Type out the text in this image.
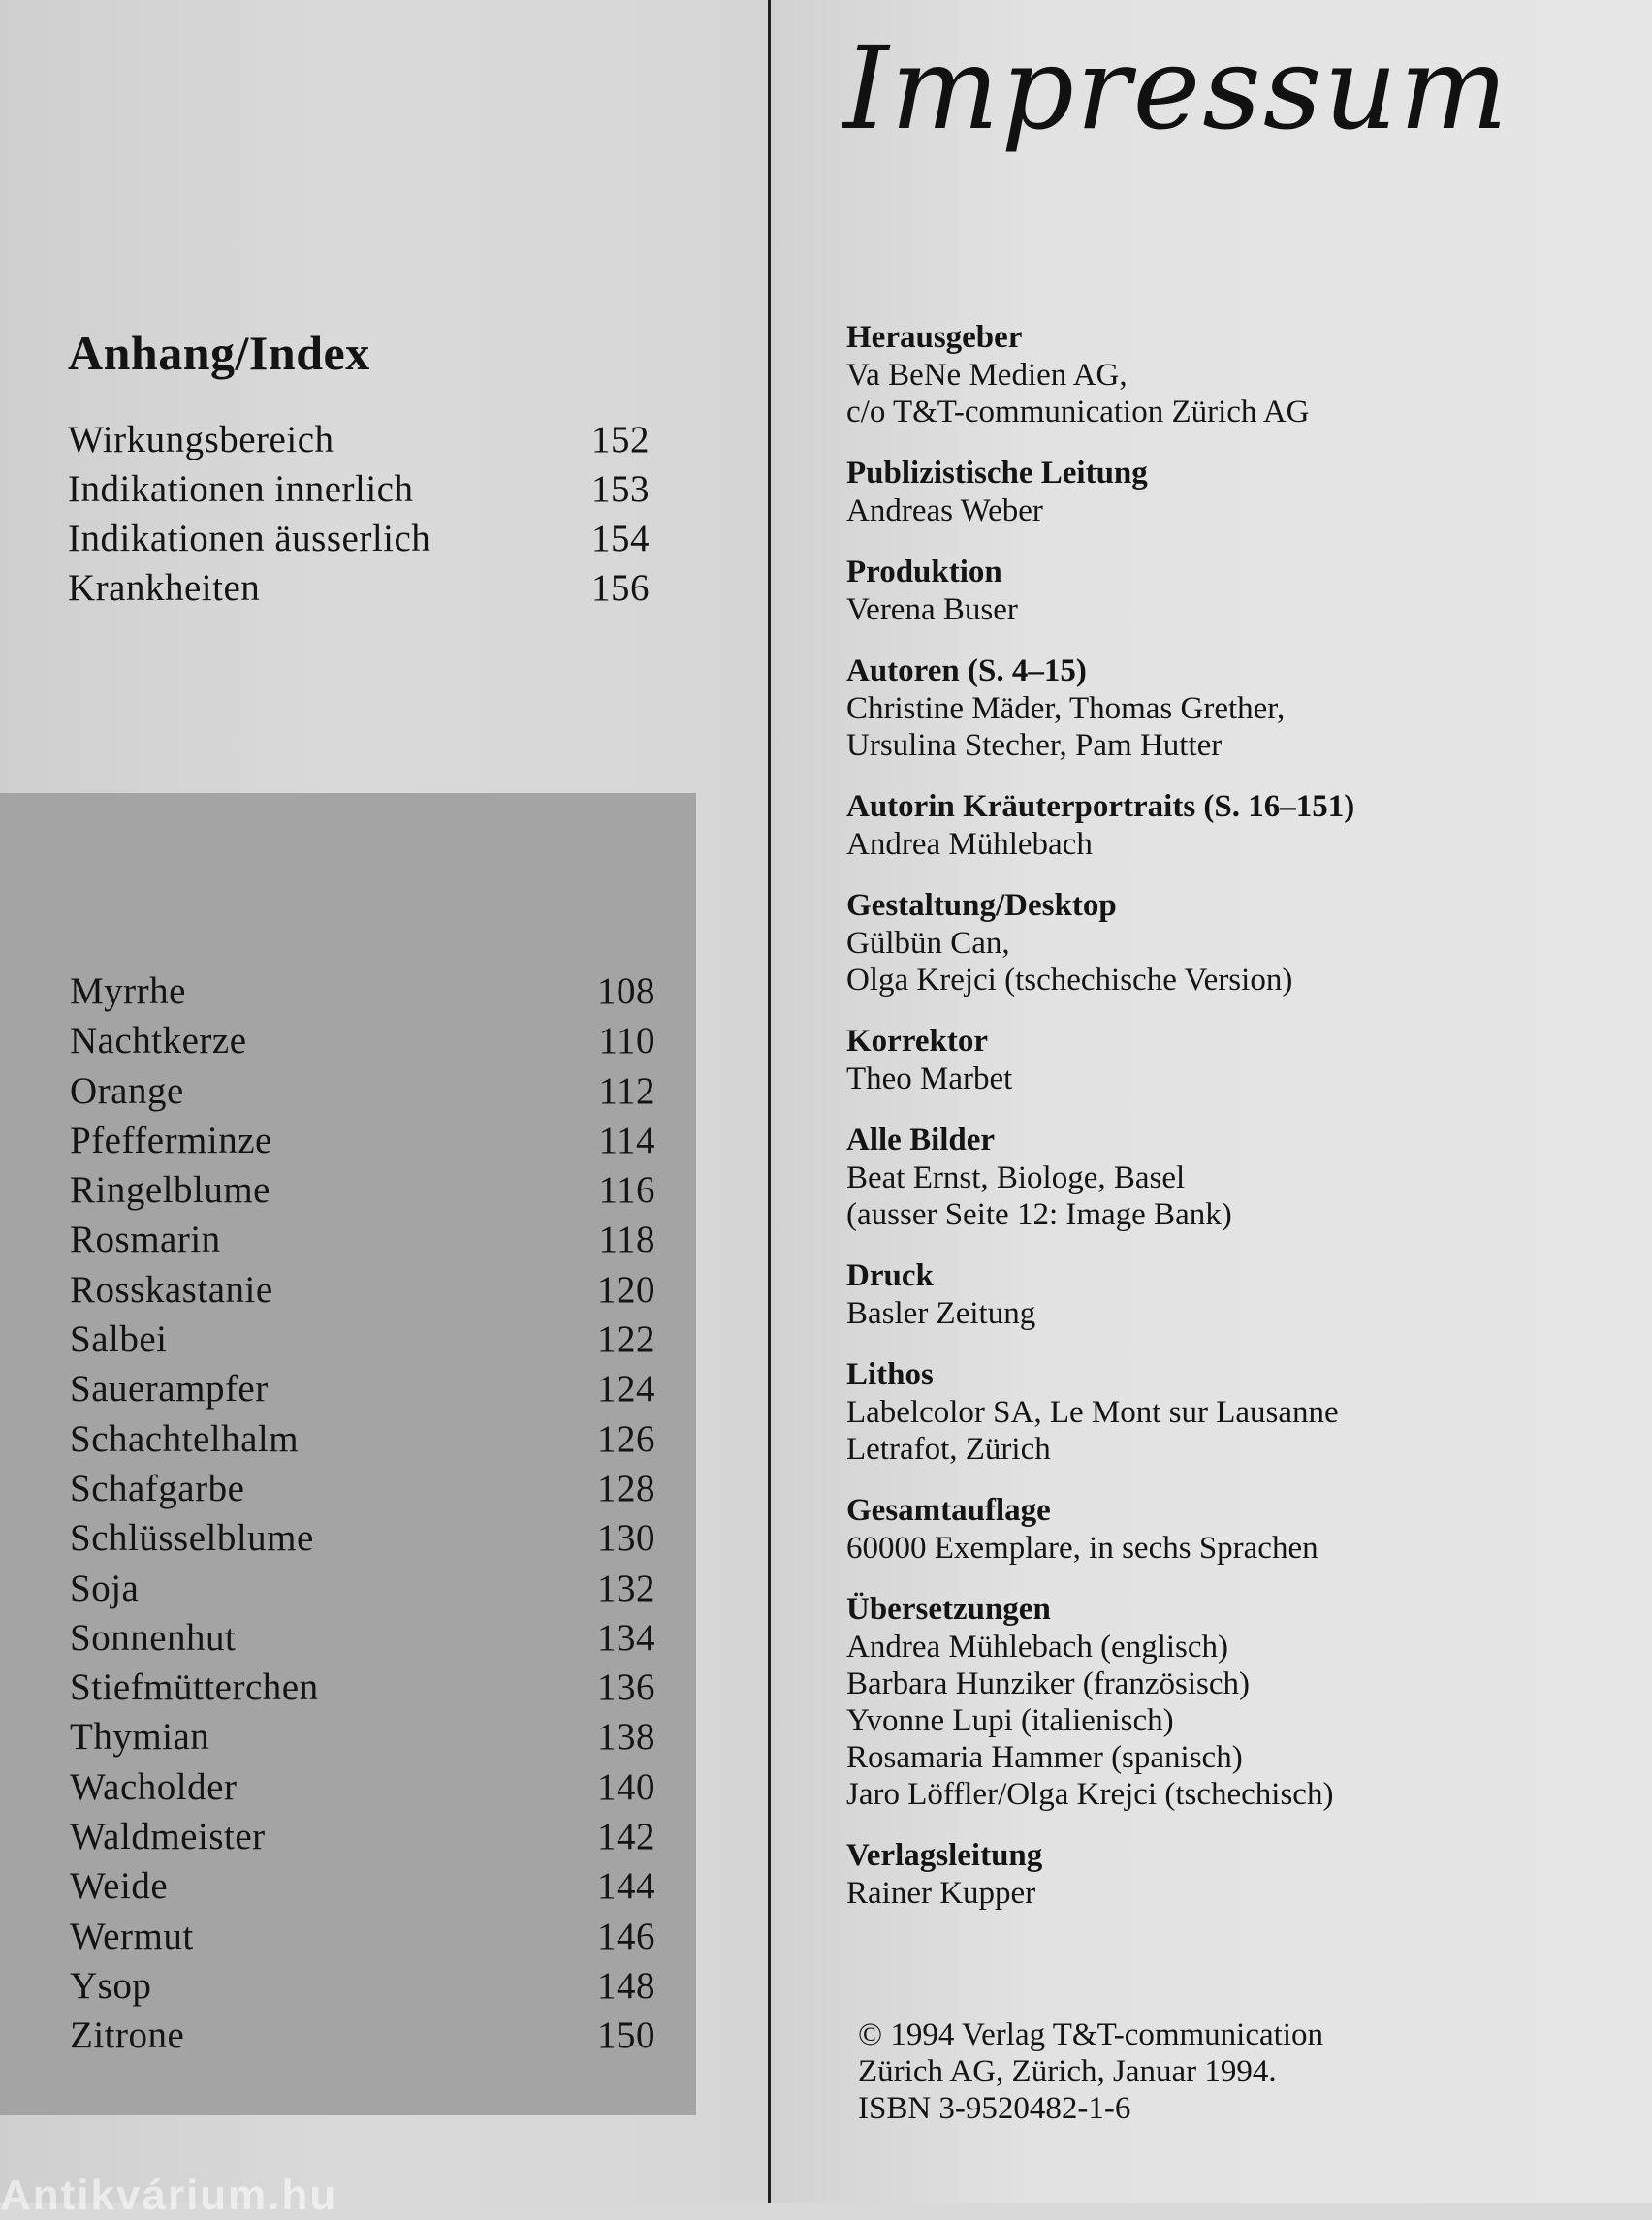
Anhang/Index
Wirkungsbereich	152
Indikationen innerlich	153
Indikationen äusserlich	154
Krankheiten	156
Myrrhe	108
Nachtkerze	110
Orange	112
Pfefferminze	114
Ringelblume	116
Rosmarin	118
Rosskastanie	120
Salbei	122
Sauerampfer	124
Schachtelhalm	126
Schafgarbe	128
Schlüsselblume	130
Soja	132
Sonnenhut	134
Stiefmütterchen	136
Thymian	138
Wacholder	140
Waldmeister	142
Weide	144
Wermut	146
Ysop	148
Zitrone	150
Impressum
Herausgeber
Va BeNe Medien AG,
c/o T&T-communication Zürich AG
Publizistische Leitung
Andreas Weber
Produktion
Verena Buser
Autoren (S. 4–15)
Christine Mäder, Thomas Grether,
Ursulina Stecher, Pam Hutter
Autorin Kräuterportraits (S. 16–151)
Andrea Mühlebach
Gestaltung/Desktop
Gülbün Can,
Olga Krejci (tschechische Version)
Korrektor
Theo Marbet
Alle Bilder
Beat Ernst, Biologe, Basel
(ausser Seite 12: Image Bank)
Druck
Basler Zeitung
Lithos
Labelcolor SA, Le Mont sur Lausanne
Letrafot, Zürich
Gesamtauflage
60000 Exemplare, in sechs Sprachen
Übersetzungen
Andrea Mühlebach (englisch)
Barbara Hunziker (französisch)
Yvonne Lupi (italienisch)
Rosamaria Hammer (spanisch)
Jaro Löffler/Olga Krejci (tschechisch)
Verlagsleitung
Rainer Kupper
© 1994 Verlag T&T-communication
Zürich AG, Zürich, Januar 1994.
ISBN 3-9520482-1-6
Antikvárium.hu
